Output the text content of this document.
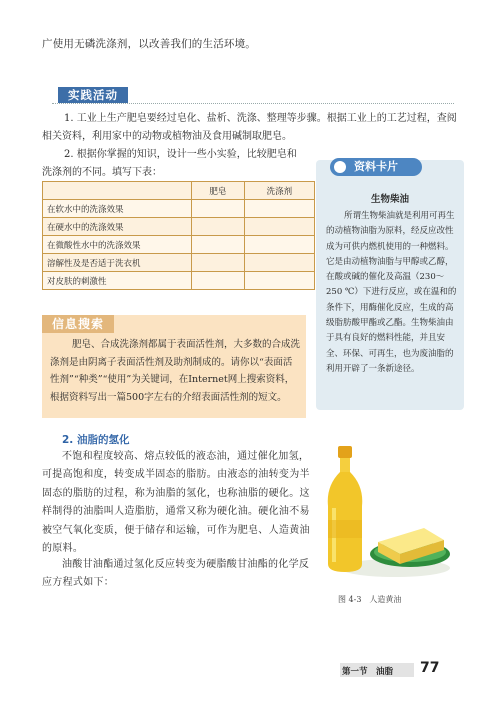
广使用无磷洗涤剂，以改善我们的生活环境。
实践活动
1. 工业上生产肥皂要经过皂化、盐析、洗涤、整理等步骤。根据工业上的工艺过程，查阅相关资料，利用家中的动物或植物油及食用碱制取肥皂。
2. 根据你掌握的知识，设计一些小实验，比较肥皂和洗涤剂的不同。填写下表：
	肥皂	洗涤剂
在软水中的洗涤效果		
在硬水中的洗涤效果		
在微酸性水中的洗涤效果		
溶解性及是否适于洗衣机		
对皮肤的刺激性		
资料卡片
生物柴油
所谓生物柴油就是利用可再生的动植物油脂为原料，经反应改性成为可供内燃机使用的一种燃料。它是由动植物油脂与甲醇或乙醇，在酸或碱的催化及高温（230～250 ℃）下进行反应，或在温和的条件下，用酶催化反应，生成的高级脂肪酸甲酯或乙酯。生物柴油由于具有良好的燃料性能，并且安全、环保、可再生，也为废油脂的利用开辟了一条新途径。
信息搜索
肥皂、合成洗涤剂都属于表面活性剂，大多数的合成洗涤剂是由阴离子表面活性剂及助剂制成的。请你以“表面活性剂”“种类”“使用”为关键词，在Internet网上搜索资料，根据资料写出一篇500字左右的介绍表面活性剂的短文。
2. 油脂的氢化
不饱和程度较高、熔点较低的液态油，通过催化加氢，可提高饱和度，转变成半固态的脂肪。由液态的油转变为半固态的脂肪的过程，称为油脂的氢化，也称油脂的硬化。这样制得的油脂叫人造脂肪，通常又称为硬化油。硬化油不易被空气氧化变质，便于储存和运输，可作为肥皂、人造黄油的原料。
油酸甘油酯通过氢化反应转变为硬脂酸甘油酯的化学反应方程式如下：
图 4-3　人造黄油
第一节　油脂 77
